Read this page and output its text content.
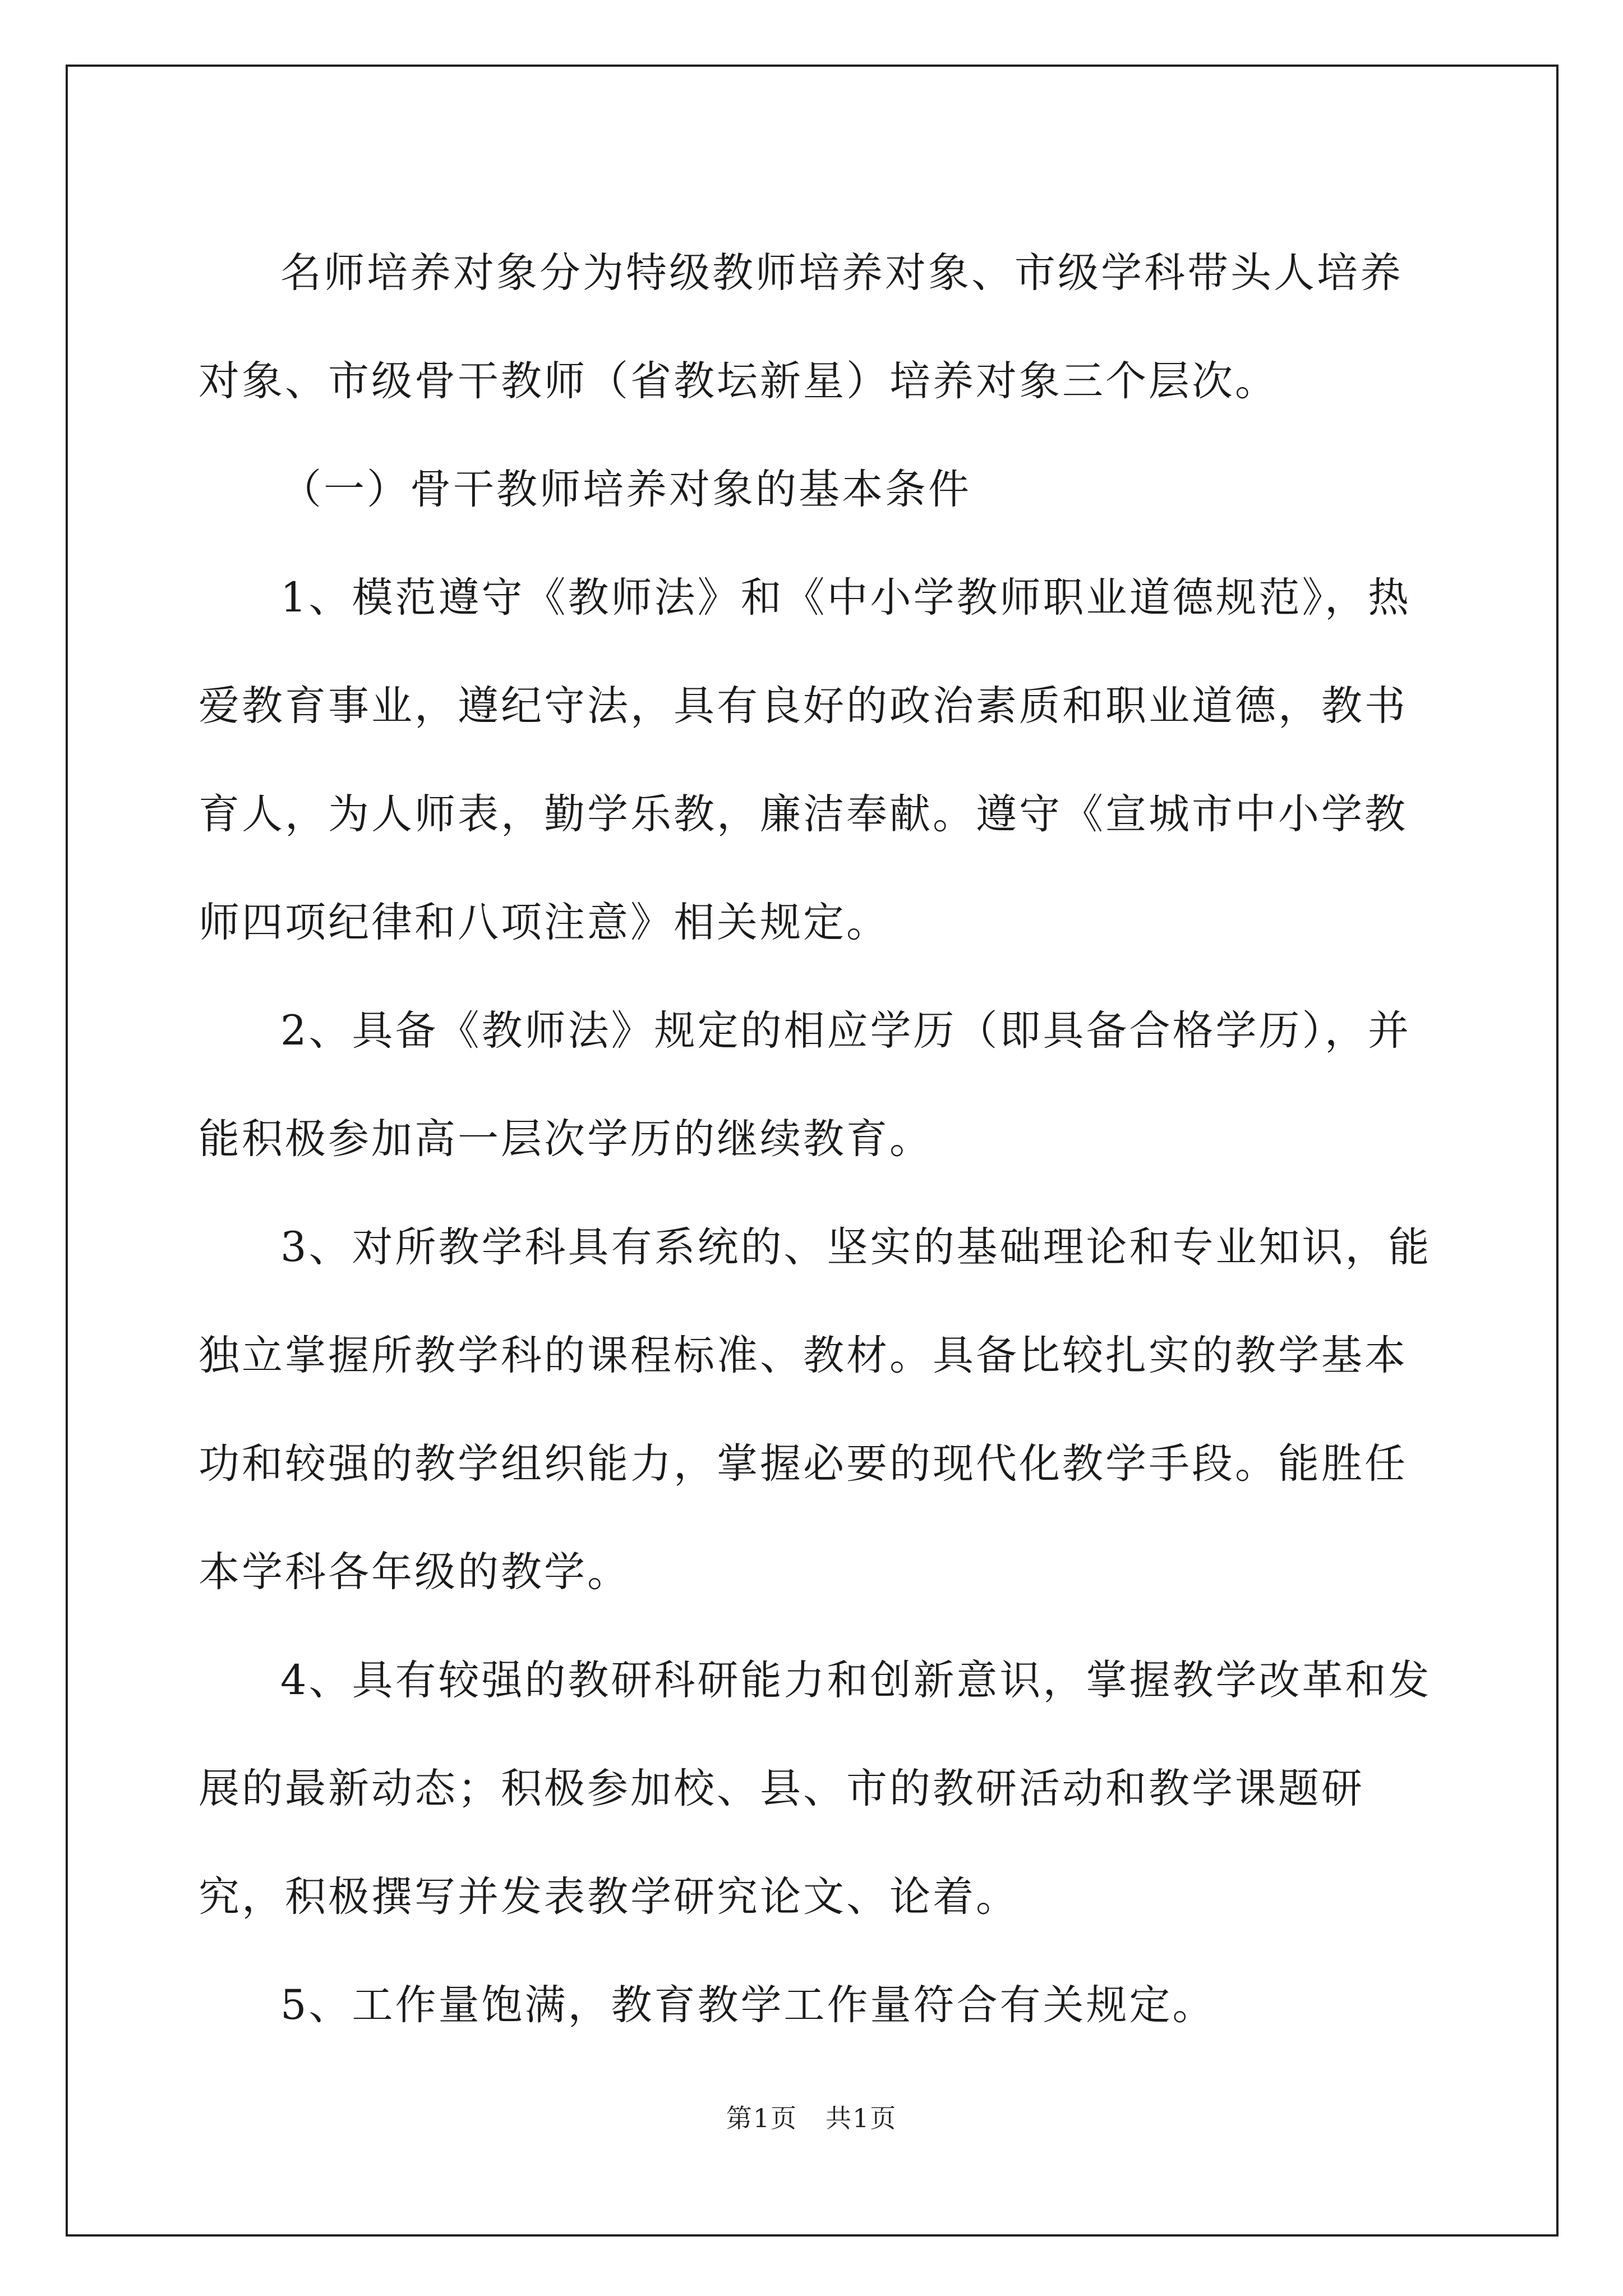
名师培养对象分为特级教师培养对象、市级学科带头人培养对象、市级骨干教师（省教坛新星）培养对象三个层次。

（一）骨干教师培养对象的基本条件

1、模范遵守《教师法》和《中小学教师职业道德规范》，热爱教育事业，遵纪守法，具有良好的政治素质和职业道德，教书育人，为人师表，勤学乐教，廉洁奉献。遵守《宣城市中小学教师四项纪律和八项注意》相关规定。

2、具备《教师法》规定的相应学历（即具备合格学历），并能积极参加高一层次学历的继续教育。

3、对所教学科具有系统的、坚实的基础理论和专业知识，能独立掌握所教学科的课程标准、教材。具备比较扎实的教学基本功和较强的教学组织能力，掌握必要的现代化教学手段。能胜任本学科各年级的教学。

4、具有较强的教研科研能力和创新意识，掌握教学改革和发展的最新动态；积极参加校、县、市的教研活动和教学课题研究，积极撰写并发表教学研究论文、论着。

5、工作量饱满，教育教学工作量符合有关规定。

第1页 共1页
